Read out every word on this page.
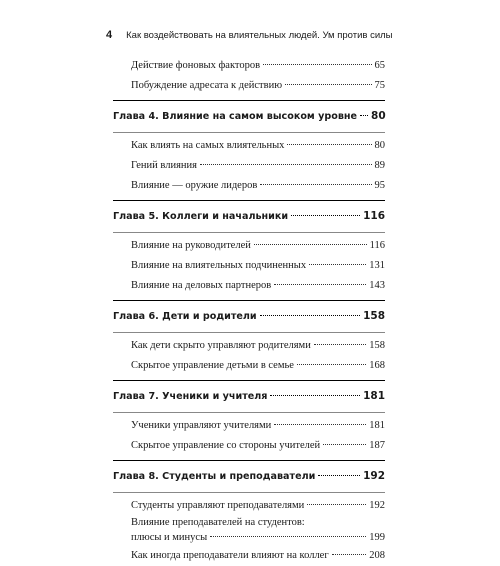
4 Как воздействовать на влиятельных людей. Ум против силы
Действие фоновых факторов	65
Побуждение адресата к действию	75
Глава 4. Влияние на самом высоком уровне 80
Как влиять на самых влиятельных	80
Гений влияния	89
Влияние — оружие лидеров	95
Глава 5. Коллеги и начальники	116
Влияние на руководителей	116
Влияние на влиятельных подчиненных	131
Влияние на деловых партнеров	143
Глава 6. Дети и родители	158
Как дети скрыто управляют родителями	158
Скрытое управление детьми в семье	168
Глава 7. Ученики и учителя	181
Ученики управляют учителями	181
Скрытое управление со стороны учителей	187
Глава 8. Студенты и преподаватели	192
Студенты управляют преподавателями	192
Влияние преподавателей на студентов:
плюсы и минусы	199
Как иногда преподаватели влияют на коллег	208
